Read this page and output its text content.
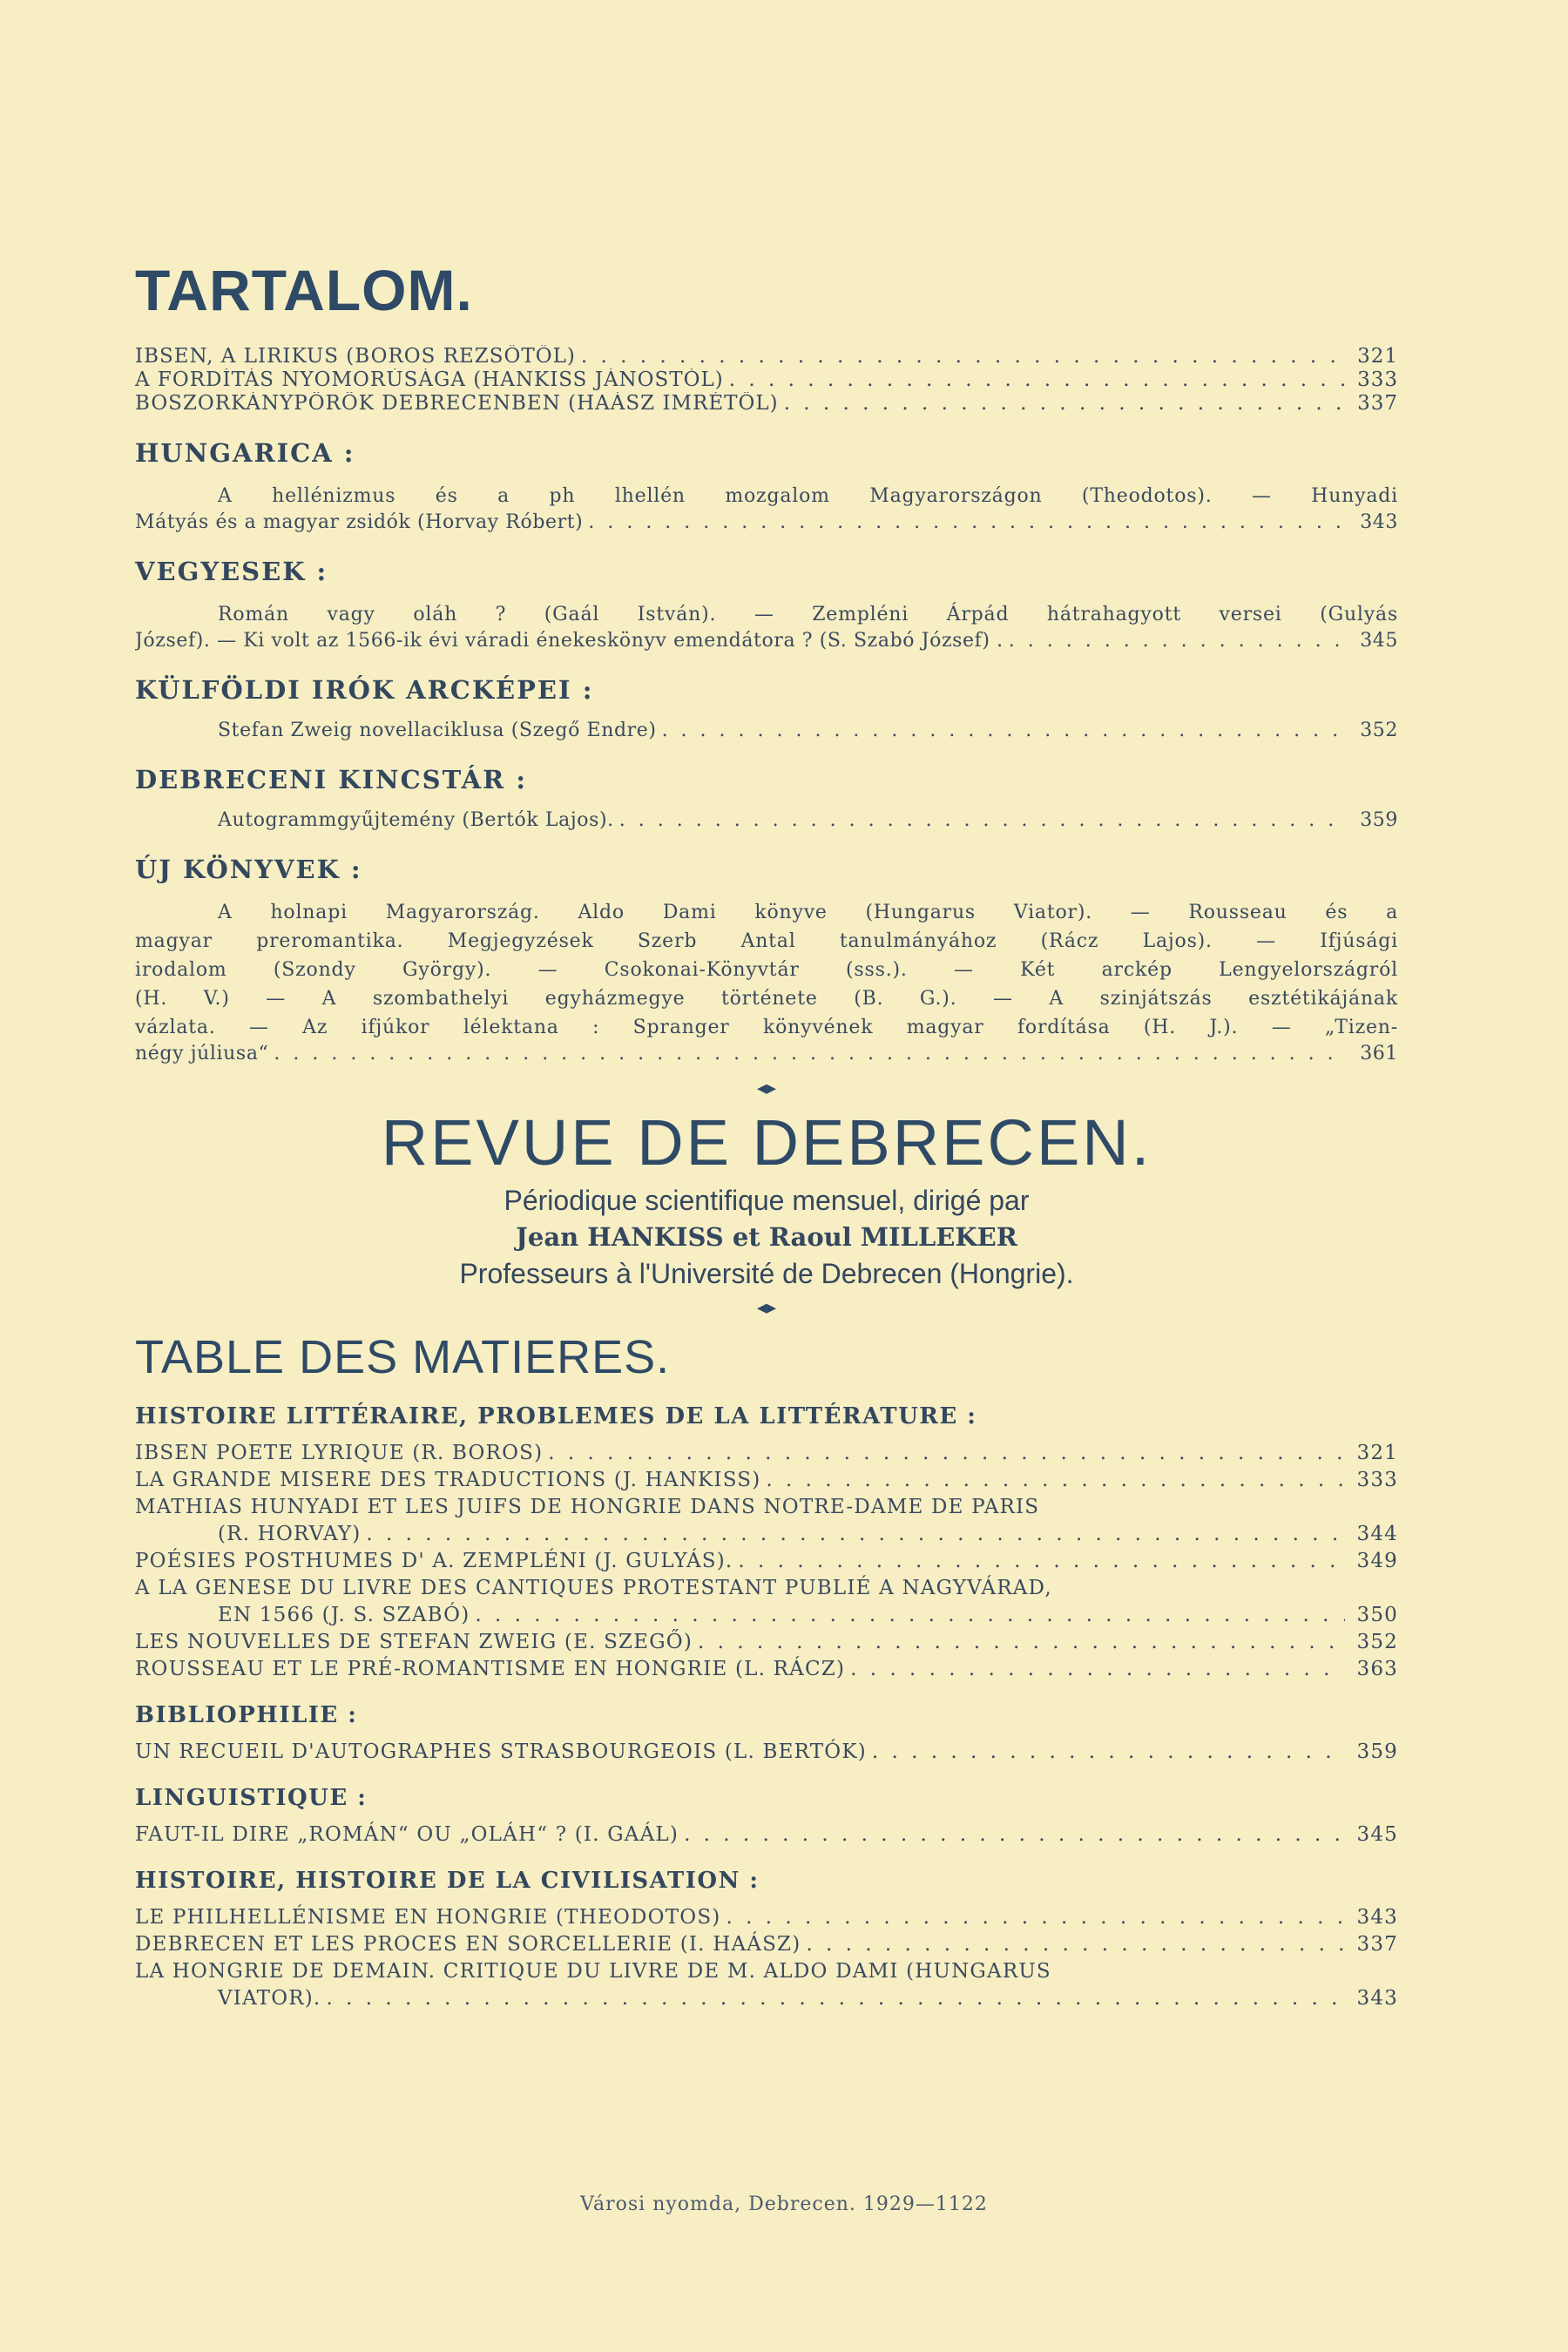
TARTALOM.
IBSEN, A LIRIKUS (BOROS REZSŐTŐL) . . .	321
A FORDÍTÁS NYOMORÚSÁGA (HANKISS JÁNOSTÓL) . . .	333
BOSZORKÁNYPÖRÖK DEBRECENBEN (HAÁSZ IMRÉTŐL) . . .	337
HUNGARICA :
A hellénizmus és a ph lhellén mozgalom Magyarországon (Theodotos). — Hunyadi
Mátyás és a magyar zsidók (Horvay Róbert) . . .	343
VEGYESEK :
Román vagy oláh ? (Gaál István). — Zempléni Árpád hátrahagyott versei (Gulyás
József). — Ki volt az 1566-ik évi váradi énekeskönyv emendátora ? (S. Szabó József) . . . .	345
KÜLFÖLDI IRÓK ARCKÉPEI :
Stefan Zweig novellaciklusa (Szegő Endre) . . .	352
DEBRECENI KINCSTÁR :
Autogrammgyűjtemény (Bertók Lajos). . . .	359
ÚJ KÖNYVEK :
A holnapi Magyarország. Aldo Dami könyve (Hungarus Viator). — Rousseau és a
magyar preromantika. Megjegyzések Szerb Antal tanulmányához (Rácz Lajos). — Ifjúsági
irodalom (Szondy György). — Csokonai-Könyvtár (sss.). — Két arckép Lengyelországról
(H. V.) — A szombathelyi egyházmegye története (B. G.). — A szinjátszás esztétikájának
vázlata. — Az ifjúkor lélektana : Spranger könyvének magyar fordítása (H. J.). — „Tizen-
négy júliusa“ . . .	361
◂▸
REVUE DE DEBRECEN.
Périodique scientifique mensuel, dirigé par
Jean HANKISS et Raoul MILLEKER
Professeurs à l'Université de Debrecen (Hongrie).
◂▸
TABLE DES MATIERES.
HISTOIRE LITTÉRAIRE, PROBLEMES DE LA LITTÉRATURE :
IBSEN POETE LYRIQUE (R. BOROS) . . .	321
LA GRANDE MISERE DES TRADUCTIONS (J. HANKISS) . . .	333
MATHIAS HUNYADI ET LES JUIFS DE HONGRIE DANS NOTRE-DAME DE PARIS
(R. HORVAY) . . .	344
POÉSIES POSTHUMES D' A. ZEMPLÉNI (J. GULYÁS). . . .	349
A LA GENESE DU LIVRE DES CANTIQUES PROTESTANT PUBLIÉ A NAGYVÁRAD,
EN 1566 (J. S. SZABÓ) . . .	350
LES NOUVELLES DE STEFAN ZWEIG (E. SZEGŐ) . . .	352
ROUSSEAU ET LE PRÉ-ROMANTISME EN HONGRIE (L. RÁCZ) . . .	363
BIBLIOPHILIE :
UN RECUEIL D'AUTOGRAPHES STRASBOURGEOIS (L. BERTÓK) . . .	359
LINGUISTIQUE :
FAUT-IL DIRE „ROMÁN“ OU „OLÁH“ ? (I. GAÁL) . . .	345
HISTOIRE, HISTOIRE DE LA CIVILISATION :
LE PHILHELLÉNISME EN HONGRIE (THEODOTOS) . . .	343
DEBRECEN ET LES PROCES EN SORCELLERIE (I. HAÁSZ) . . .	337
LA HONGRIE DE DEMAIN. CRITIQUE DU LIVRE DE M. ALDO DAMI (HUNGARUS
VIATOR). . . .	343
Városi nyomda, Debrecen. 1929—1122
